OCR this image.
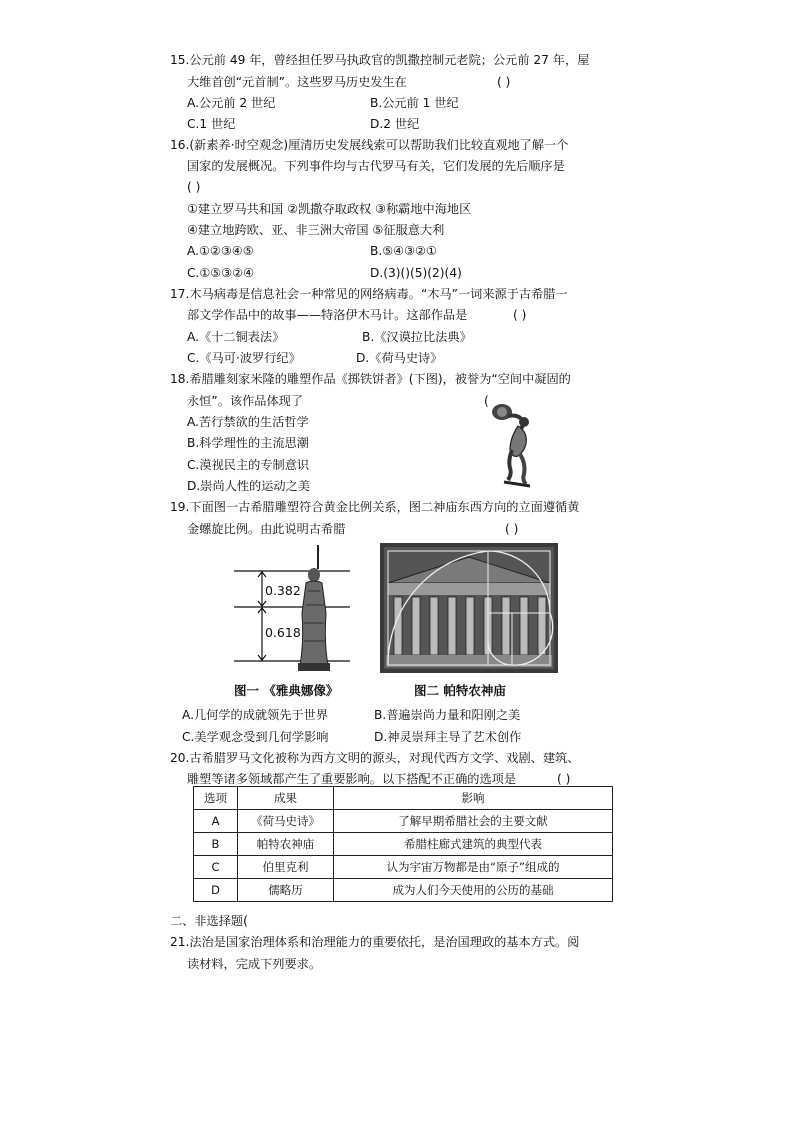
15.公元前 49 年，曾经担任罗马执政官的凯撒控制元老院；公元前 27 年，屋
大维首创“元首制”。这些罗马历史发生在	( )
A.公元前 2 世纪	B.公元前 1 世纪
C.1 世纪	D.2 世纪
16.(新素养·时空观念)厘清历史发展线索可以帮助我们比较直观地了解一个
国家的发展概况。下列事件均与古代罗马有关，它们发展的先后顺序是
( )
①建立罗马共和国 ②凯撒夺取政权 ③称霸地中海地区
④建立地跨欧、亚、非三洲大帝国 ⑤征服意大利
A.①②③④⑤	B.⑤④③②①
C.①⑤③②④	D.(3)()(5)(2)(4)
17.木马病毒是信息社会一种常见的网络病毒。“木马”一词来源于古希腊一
部文学作品中的故事——特洛伊木马计。这部作品是	( )
A.《十二铜表法》	B.《汉谟拉比法典》
C.《马可·波罗行纪》	D.《荷马史诗》
18.希腊雕刻家米隆的雕塑作品《掷铁饼者》(下图)，被誉为“空间中凝固的
永恒”。该作品体现了	(
A.苦行禁欲的生活哲学
B.科学理性的主流思潮
C.漠视民主的专制意识
D.崇尚人性的运动之美
19.下面图一古希腊雕塑符合黄金比例关系，图二神庙东西方向的立面遵循黄
金螺旋比例。由此说明古希腊	( )
0.382
0.618
图一 《雅典娜像》	图二 帕特农神庙
A.几何学的成就领先于世界	B.普遍崇尚力量和阳刚之美
C.美学观念受到几何学影响	D.神灵崇拜主导了艺术创作
20.古希腊罗马文化被称为西方文明的源头，对现代西方文学、戏剧、建筑、
雕塑等诸多领域都产生了重要影响。以下搭配不正确的选项是	( )
选项	成果	影响
A	《荷马史诗》	了解早期希腊社会的主要文献
B	帕特农神庙	希腊柱廊式建筑的典型代表
C	伯里克利	认为宇宙万物都是由“原子”组成的
D	儒略历	成为人们今天使用的公历的基础
二、非选择题(
21.法治是国家治理体系和治理能力的重要依托，是治国理政的基本方式。阅
读材料，完成下列要求。
